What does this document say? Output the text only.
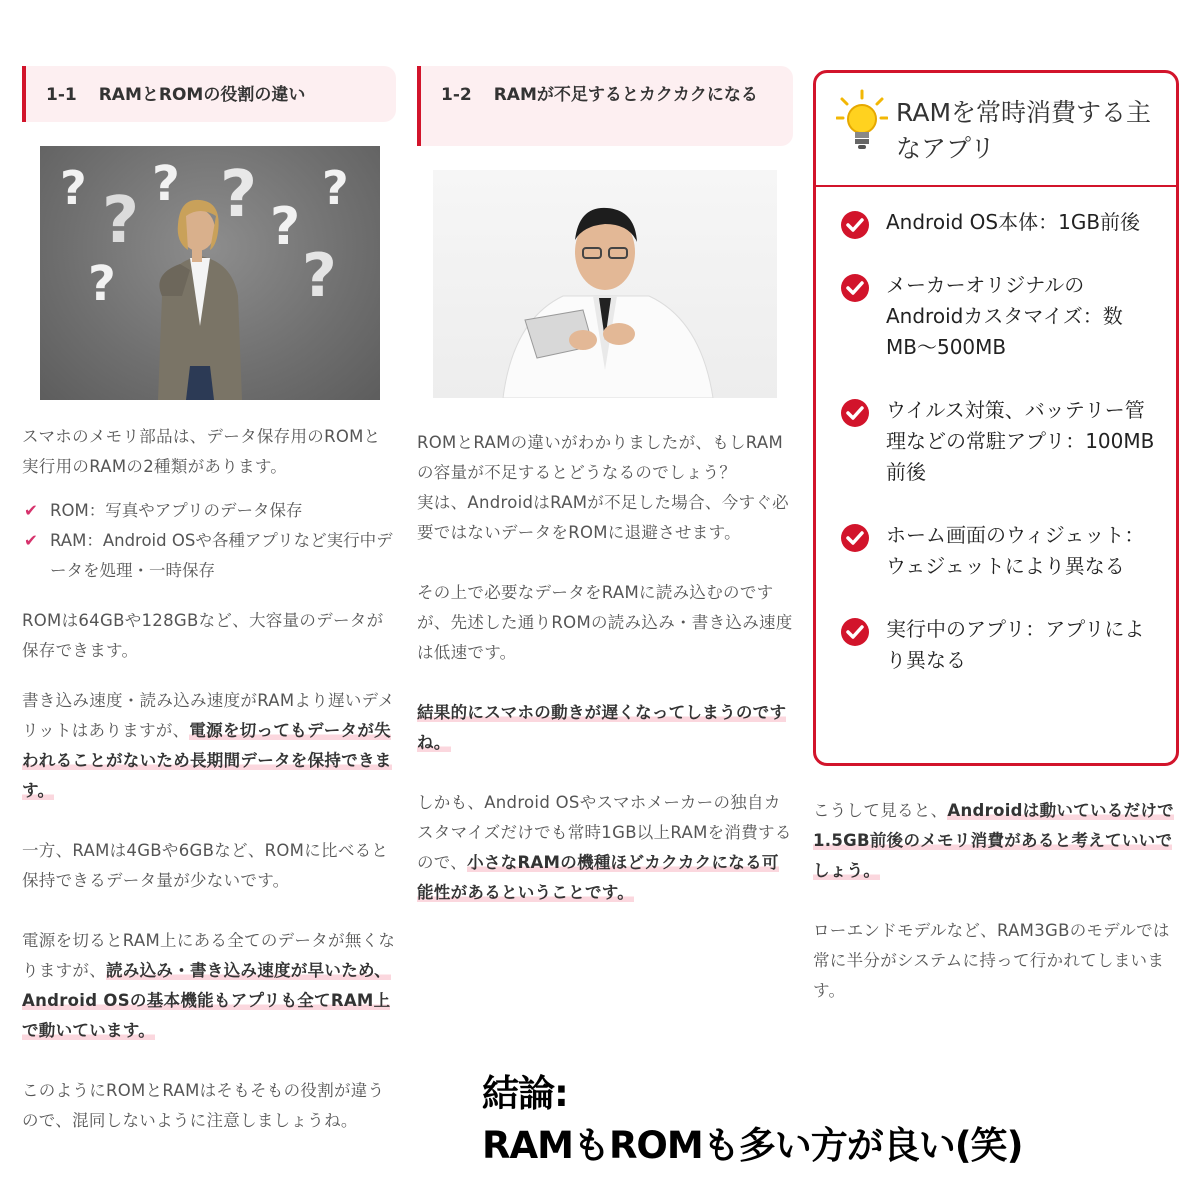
1-1 RAMとROMの役割の違い
? ? ? ? ?
?
?
?

スマホのメモリ部品は、データ保存用のROMと実行用のRAMの2種類があります。

✔ ROM：写真やアプリのデータ保存
✔ RAM：Android OSや各種アプリなど実行中データを処理・一時保存

ROMは64GBや128GBなど、大容量のデータが保存できます。

書き込み速度・読み込み速度がRAMより遅いデメリットはありますが、電源を切ってもデータが失われることがないため長期間データを保持できます。

一方、RAMは4GBや6GBなど、ROMに比べると保持できるデータ量が少ないです。

電源を切るとRAM上にある全てのデータが無くなりますが、読み込み・書き込み速度が早いため、Android OSの基本機能もアプリも全てRAM上で動いています。

このようにROMとRAMはそもそもの役割が違うので、混同しないように注意しましょうね。

1-2 RAMが不足するとカクカクになる

ROMとRAMの違いがわかりましたが、もしRAMの容量が不足するとどうなるのでしょう？
実は、AndroidはRAMが不足した場合、今すぐ必要ではないデータをROMに退避させます。

その上で必要なデータをRAMに読み込むのですが、先述した通りROMの読み込み・書き込み速度は低速です。

結果的にスマホの動きが遅くなってしまうのですね。

しかも、Android OSやスマホメーカーの独自カスタマイズだけでも常時1GB以上RAMを消費するので、小さなRAMの機種ほどカクカクになる可能性があるということです。

RAMを常時消費する主なアプリ
Android OS本体：1GB前後
メーカーオリジナルのAndroidカスタマイズ：数MB〜500MB
ウイルス対策、バッテリー管理などの常駐アプリ：100MB前後
ホーム画面のウィジェット：ウェジェットにより異なる
実行中のアプリ：アプリにより異なる

こうして見ると、Androidは動いているだけで1.5GB前後のメモリ消費があると考えていいでしょう。

ローエンドモデルなど、RAM3GBのモデルでは常に半分がシステムに持って行かれてしまいます。

結論:
RAMもROMも多い方が良い(笑)
